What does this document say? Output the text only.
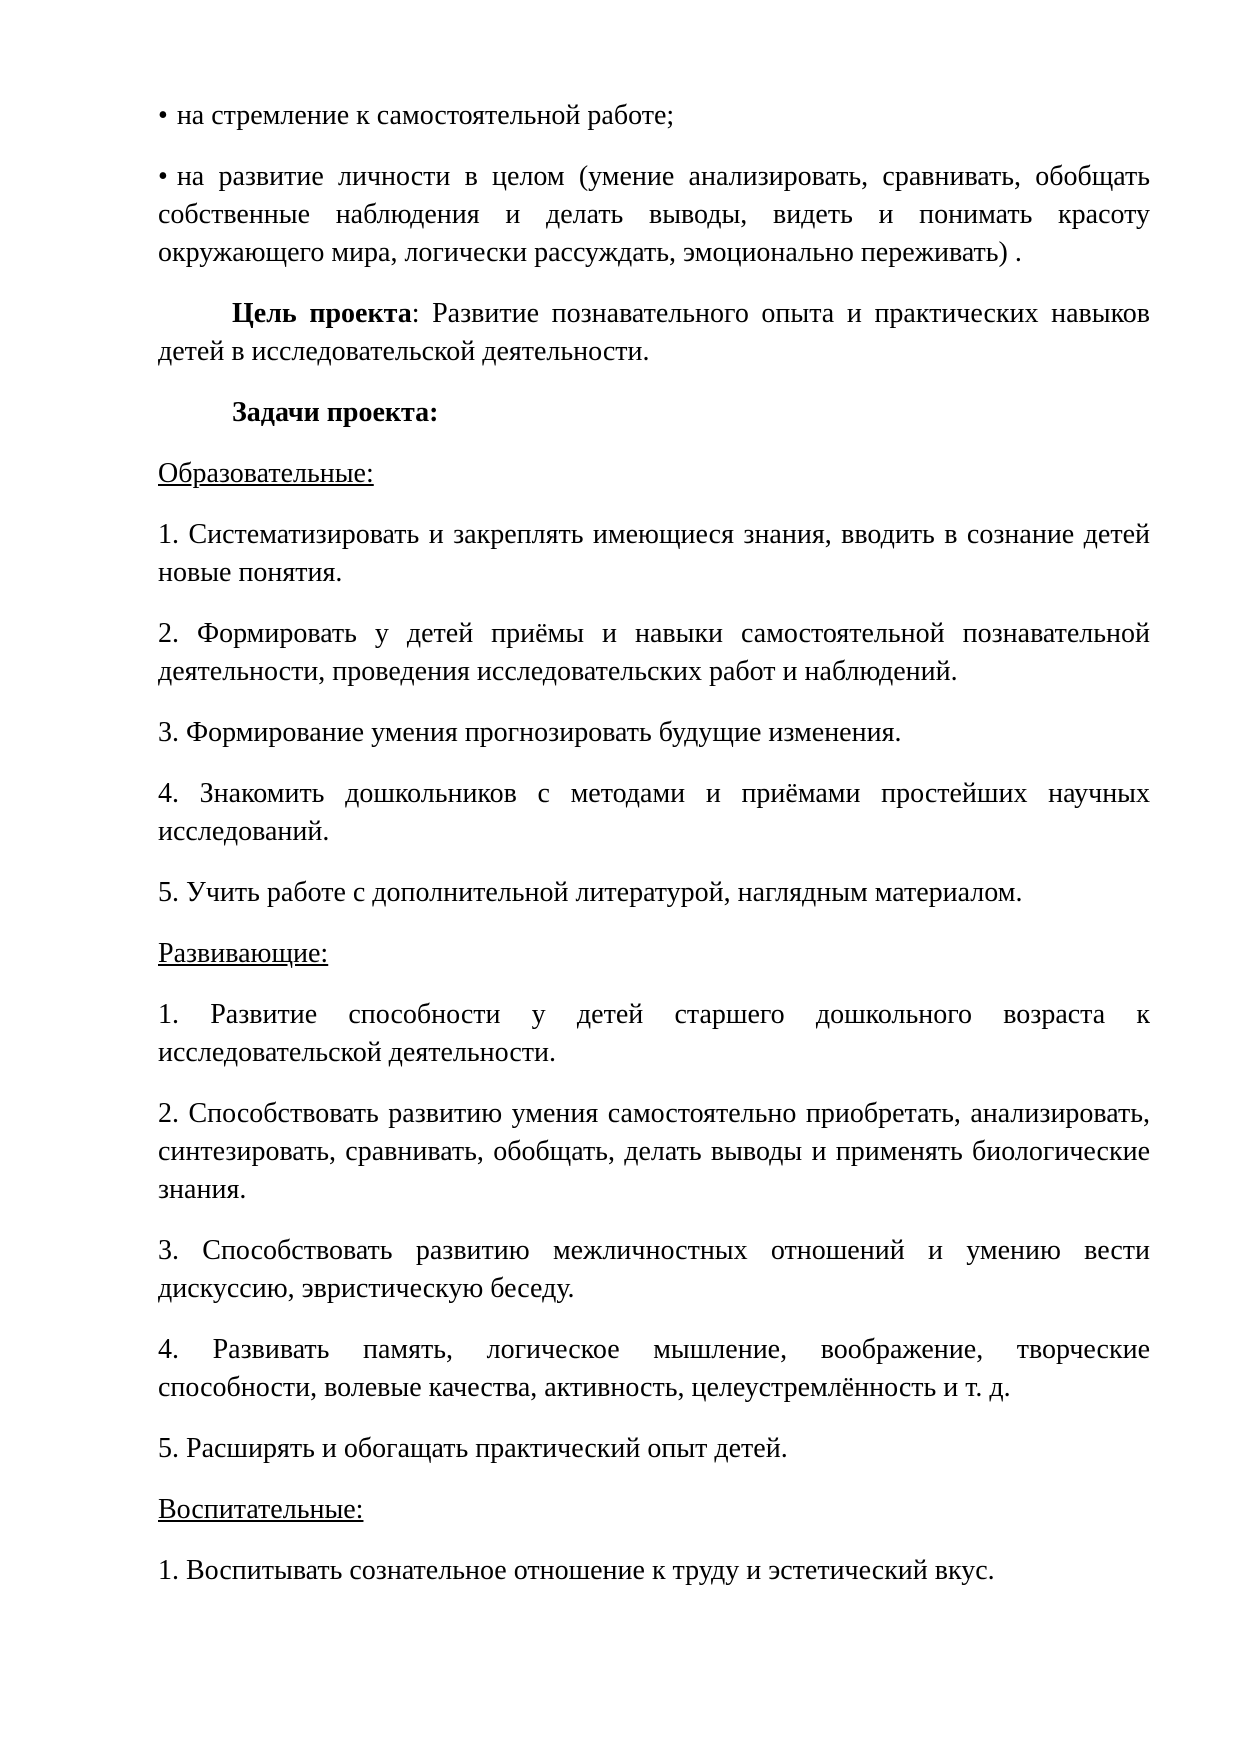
• на стремление к самостоятельной работе;

• на развитие личности в целом (умение анализировать, сравнивать, обобщать собственные наблюдения и делать выводы, видеть и понимать красоту окружающего мира, логически рассуждать, эмоционально переживать) .

Цель проекта: Развитие познавательного опыта и практических навыков детей в исследовательской деятельности.

Задачи проекта:

Образовательные:

1. Систематизировать и закреплять имеющиеся знания, вводить в сознание детей новые понятия.

2. Формировать у детей приёмы и навыки самостоятельной познавательной деятельности, проведения исследовательских работ и наблюдений.

3. Формирование умения прогнозировать будущие изменения.

4. Знакомить дошкольников с методами и приёмами простейших научных исследований.

5. Учить работе с дополнительной литературой, наглядным материалом.

Развивающие:

1. Развитие способности у детей старшего дошкольного возраста к исследовательской деятельности.

2. Способствовать развитию умения самостоятельно приобретать, анализировать, синтезировать, сравнивать, обобщать, делать выводы и применять биологические знания.

3. Способствовать развитию межличностных отношений и умению вести дискуссию, эвристическую беседу.

4. Развивать память, логическое мышление, воображение, творческие способности, волевые качества, активность, целеустремлённость и т. д.

5. Расширять и обогащать практический опыт детей.

Воспитательные:

1. Воспитывать сознательное отношение к труду и эстетический вкус.
